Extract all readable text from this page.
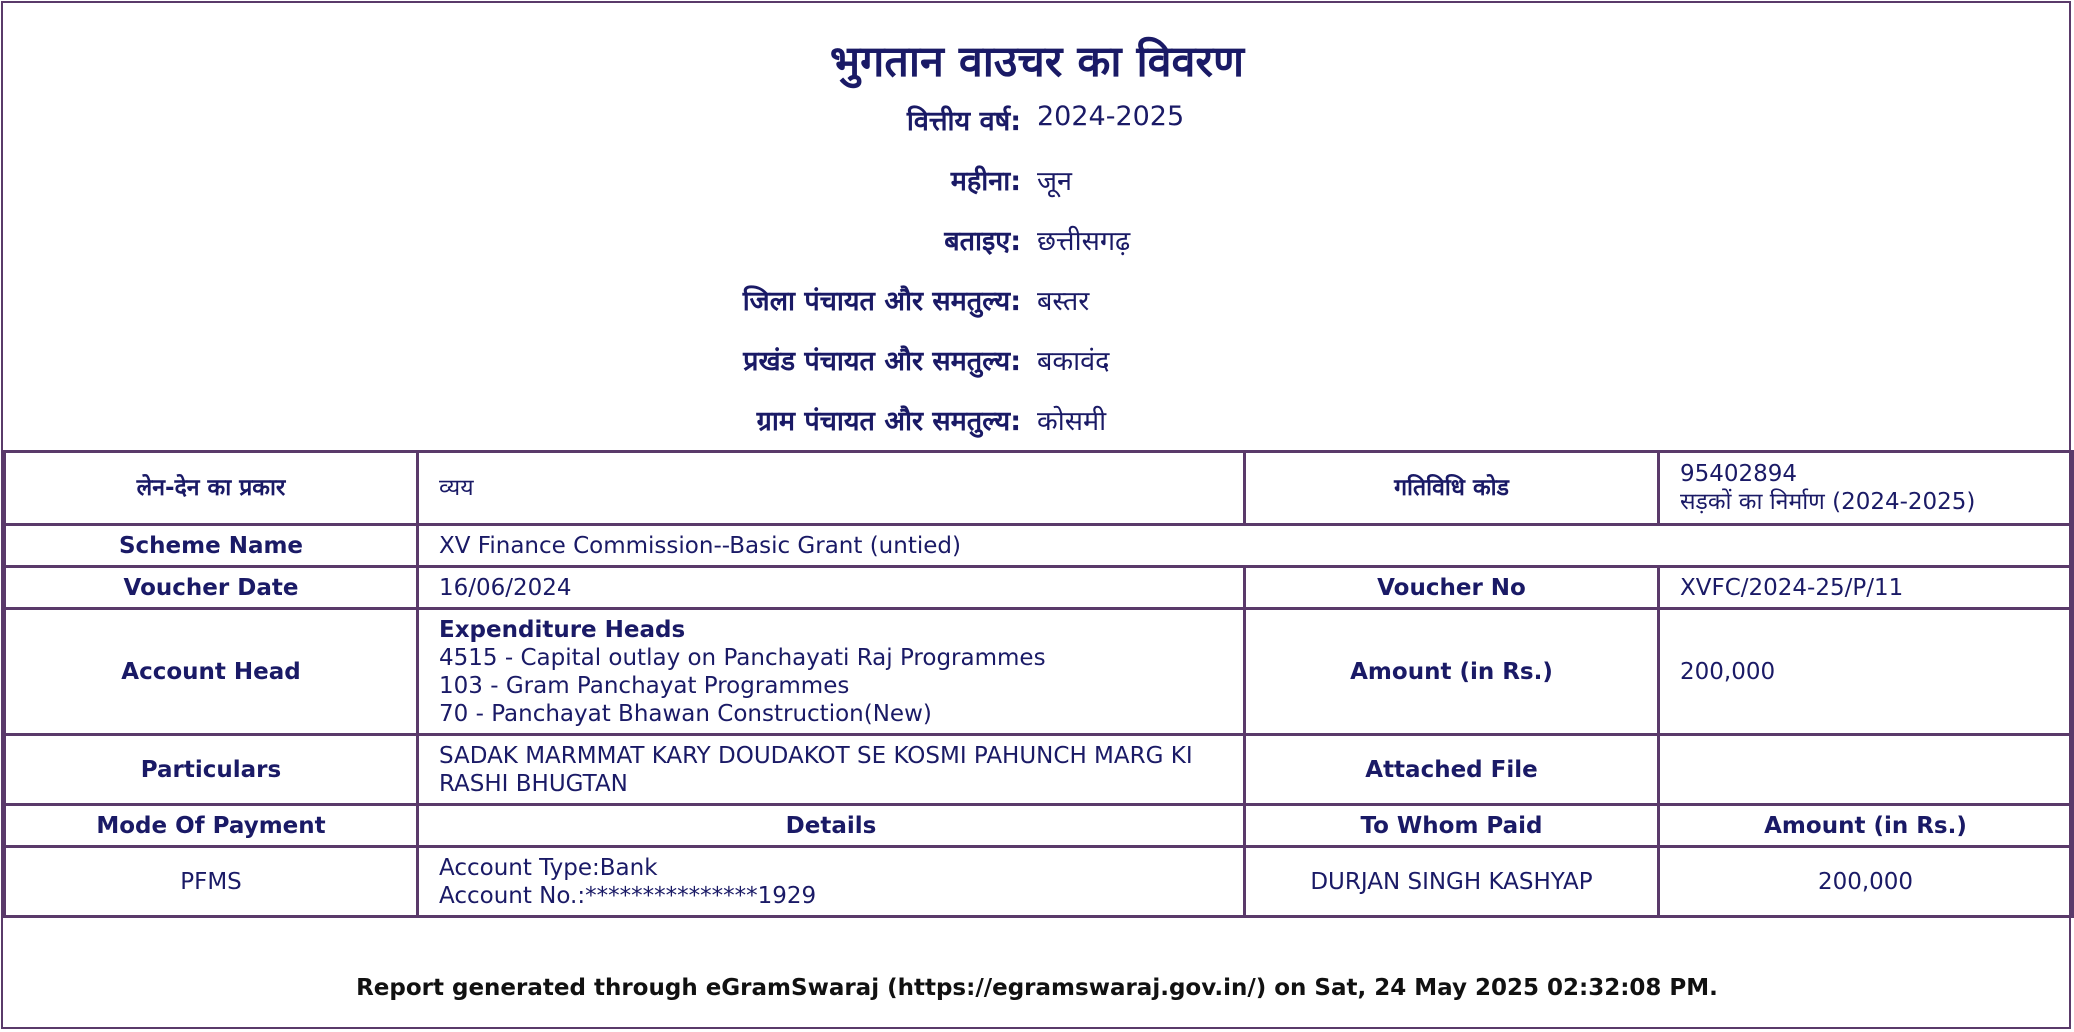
भुगतान वाउचर का विवरण
वित्तीय वर्ष: 2024-2025
महीना: जून
बताइए: छत्तीसगढ़
जिला पंचायत और समतुल्य: बस्तर
प्रखंड पंचायत और समतुल्य: बकावंद
ग्राम पंचायत और समतुल्य: कोसमी
लेन-देन का प्रकार	व्यय	गतिविधि कोड	95402894
सड़कों का निर्माण (2024-2025)

Scheme Name	XV Finance Commission--Basic Grant (untied)		
Voucher Date	16/06/2024	Voucher No	XVFC/2024-25/P/11
Account Head	Expenditure Heads
4515 - Capital outlay on Panchayati Raj Programmes
103 - Gram Panchayat Programmes
70 - Panchayat Bhawan Construction(New)	Amount (in Rs.)	200,000
Particulars	SADAK MARMMAT KARY DOUDAKOT SE KOSMI PAHUNCH MARG KI RASHI BHUGTAN	Attached File	
Mode Of Payment	Details	To Whom Paid	Amount (in Rs.)
PFMS	Account Type:Bank
Account No.:***************1929	DURJAN SINGH KASHYAP	200,000
Report generated through eGramSwaraj (https://egramswaraj.gov.in/) on Sat, 24 May 2025 02:32:08 PM.
